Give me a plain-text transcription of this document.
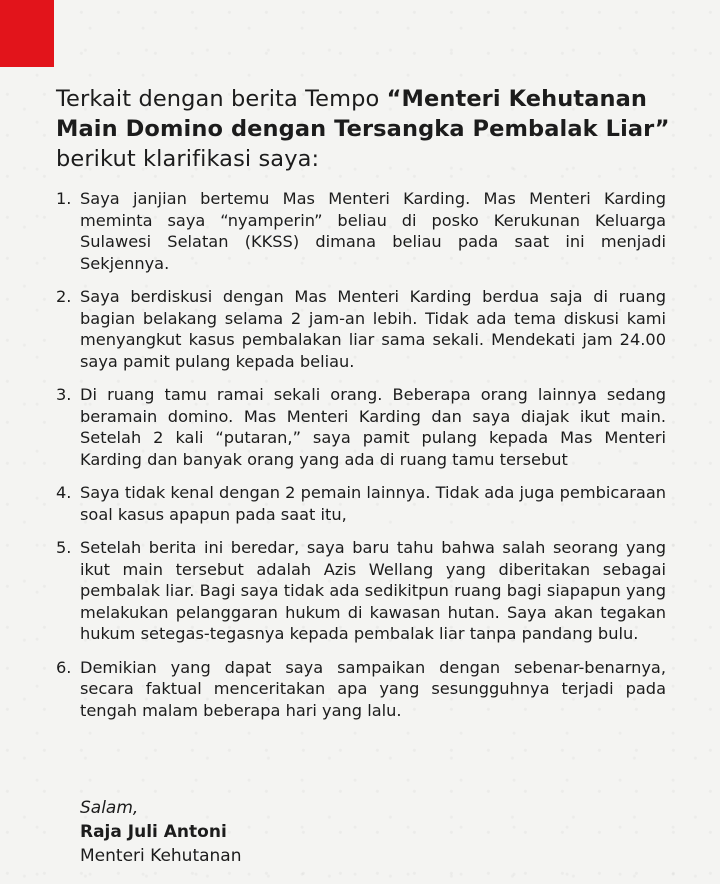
Terkait dengan berita Tempo “Menteri Kehutanan Main Domino dengan Tersangka Pembalak Liar” berikut klarifikasi saya:
1. Saya janjian bertemu Mas Menteri Karding. Mas Menteri Karding meminta saya “nyamperin” beliau di posko Kerukunan Keluarga Sulawesi Selatan (KKSS) dimana beliau pada saat ini menjadi Sekjennya.
2. Saya berdiskusi dengan Mas Menteri Karding berdua saja di ruang bagian belakang selama 2 jam-an lebih. Tidak ada tema diskusi kami menyangkut kasus pembalakan liar sama sekali. Mendekati jam 24.00 saya pamit pulang kepada beliau.
3. Di ruang tamu ramai sekali orang. Beberapa orang lainnya sedang beramain domino. Mas Menteri Karding dan saya diajak ikut main. Setelah 2 kali “putaran,” saya pamit pulang kepada Mas Menteri Karding dan banyak orang yang ada di ruang tamu tersebut
4. Saya tidak kenal dengan 2 pemain lainnya. Tidak ada juga pembicaraan soal kasus apapun pada saat itu,
5. Setelah berita ini beredar, saya baru tahu bahwa salah seorang yang ikut main tersebut adalah Azis Wellang yang diberitakan sebagai pembalak liar. Bagi saya tidak ada sedikitpun ruang bagi siapapun yang melakukan pelanggaran hukum di kawasan hutan. Saya akan tegakan hukum setegas-tegasnya kepada pembalak liar tanpa pandang bulu.
6. Demikian yang dapat saya sampaikan dengan sebenar-benarnya, secara faktual menceritakan apa yang sesungguhnya terjadi pada tengah malam beberapa hari yang lalu.
Salam,
Raja Juli Antoni
Menteri Kehutanan
